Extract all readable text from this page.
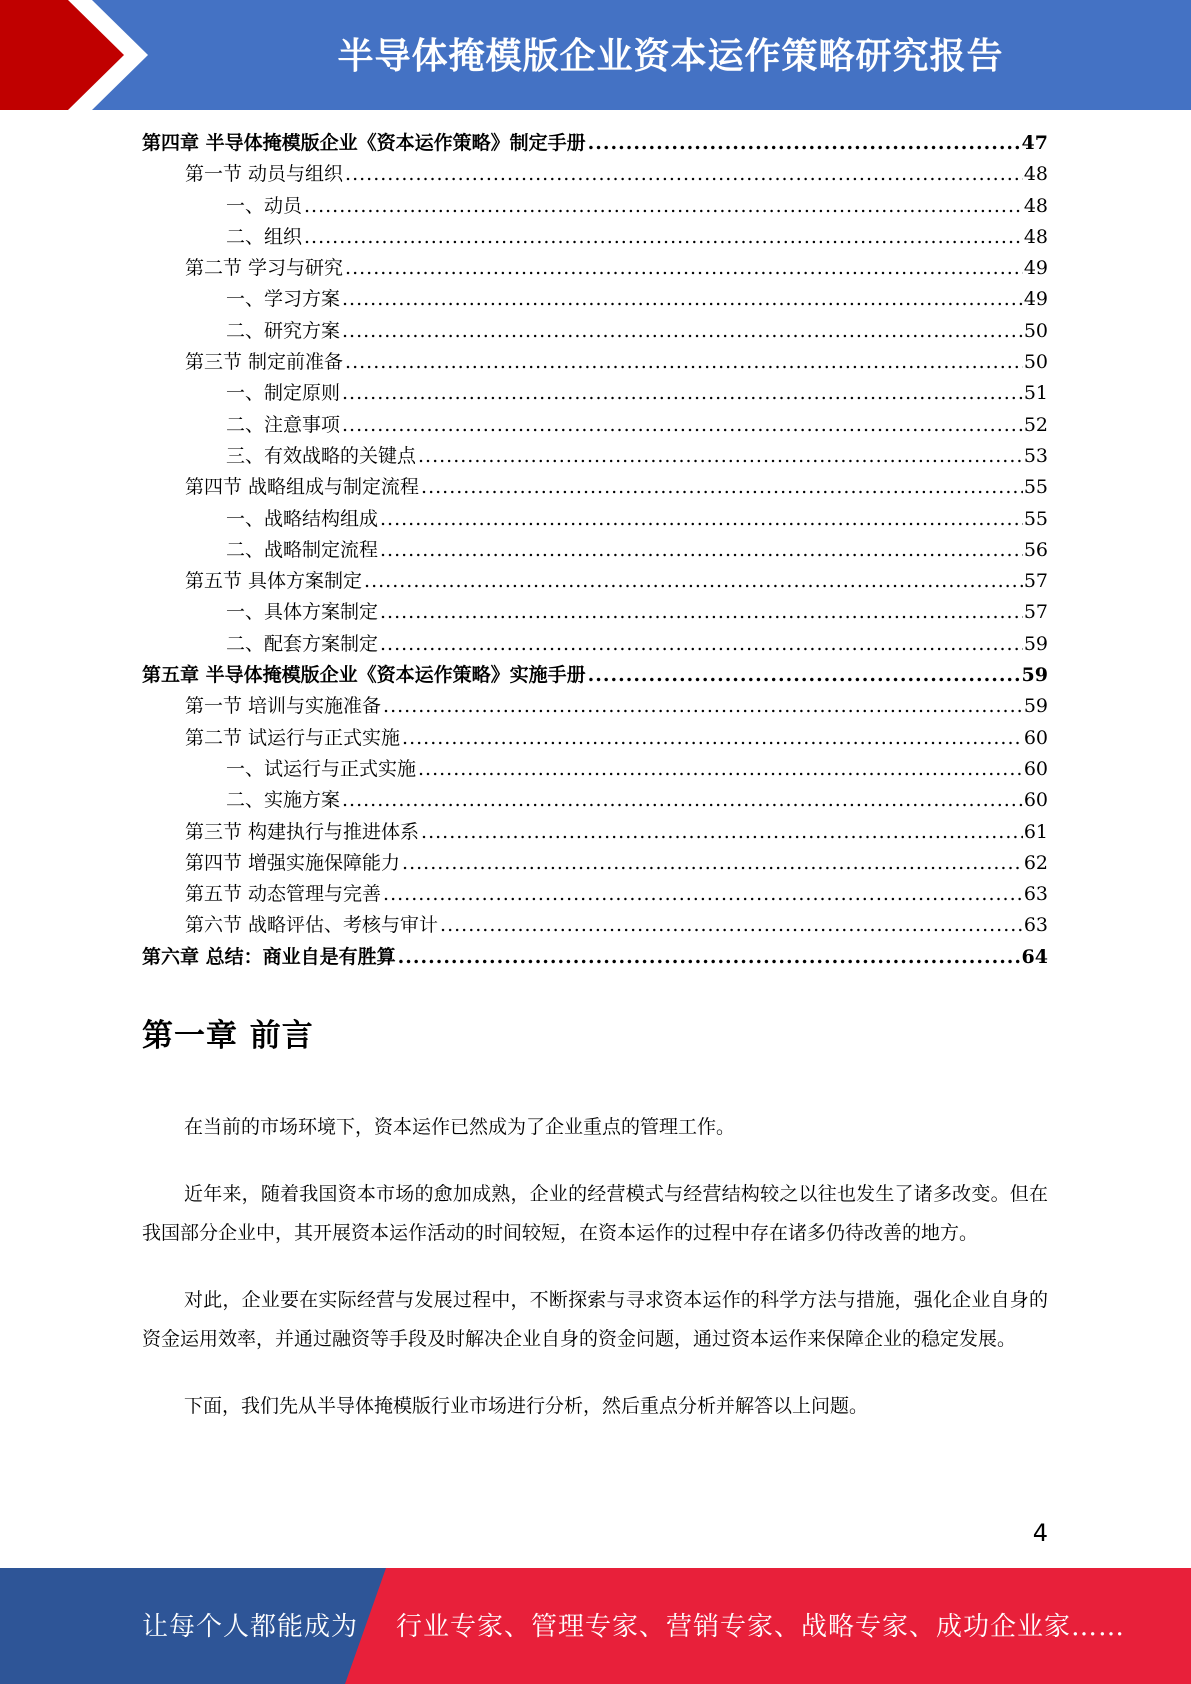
半导体掩模版企业资本运作策略研究报告
第四章 半导体掩模版企业《资本运作策略》制定手册 .....	47
第一节 动员与组织 .....	48
一、动员 .....	48
二、组织 .....	48
第二节 学习与研究 .....	49
一、学习方案 .....	49
二、研究方案 .....	50
第三节 制定前准备 .....	50
一、制定原则 .....	51
二、注意事项 .....	52
三、有效战略的关键点 .....	53
第四节 战略组成与制定流程 .....	55
一、战略结构组成 .....	55
二、战略制定流程 .....	56
第五节 具体方案制定 .....	57
一、具体方案制定 .....	57
二、配套方案制定 .....	59
第五章 半导体掩模版企业《资本运作策略》实施手册 .....	59
第一节 培训与实施准备 .....	59
第二节 试运行与正式实施 .....	60
一、试运行与正式实施 .....	60
二、实施方案 .....	60
第三节 构建执行与推进体系 .....	61
第四节 增强实施保障能力 .....	62
第五节 动态管理与完善 .....	63
第六节 战略评估、考核与审计 .....	63
第六章 总结：商业自是有胜算 .....	64
第一章 前言

在当前的市场环境下，资本运作已然成为了企业重点的管理工作。

近年来，随着我国资本市场的愈加成熟，企业的经营模式与经营结构较之以往也发生了诸多改变。但在我国部分企业中，其开展资本运作活动的时间较短，在资本运作的过程中存在诸多仍待改善的地方。

对此，企业要在实际经营与发展过程中，不断探索与寻求资本运作的科学方法与措施，强化企业自身的资金运用效率，并通过融资等手段及时解决企业自身的资金问题，通过资本运作来保障企业的稳定发展。

下面，我们先从半导体掩模版行业市场进行分析，然后重点分析并解答以上问题。

4
让每个人都能成为 行业专家、管理专家、营销专家、战略专家、成功企业家……
